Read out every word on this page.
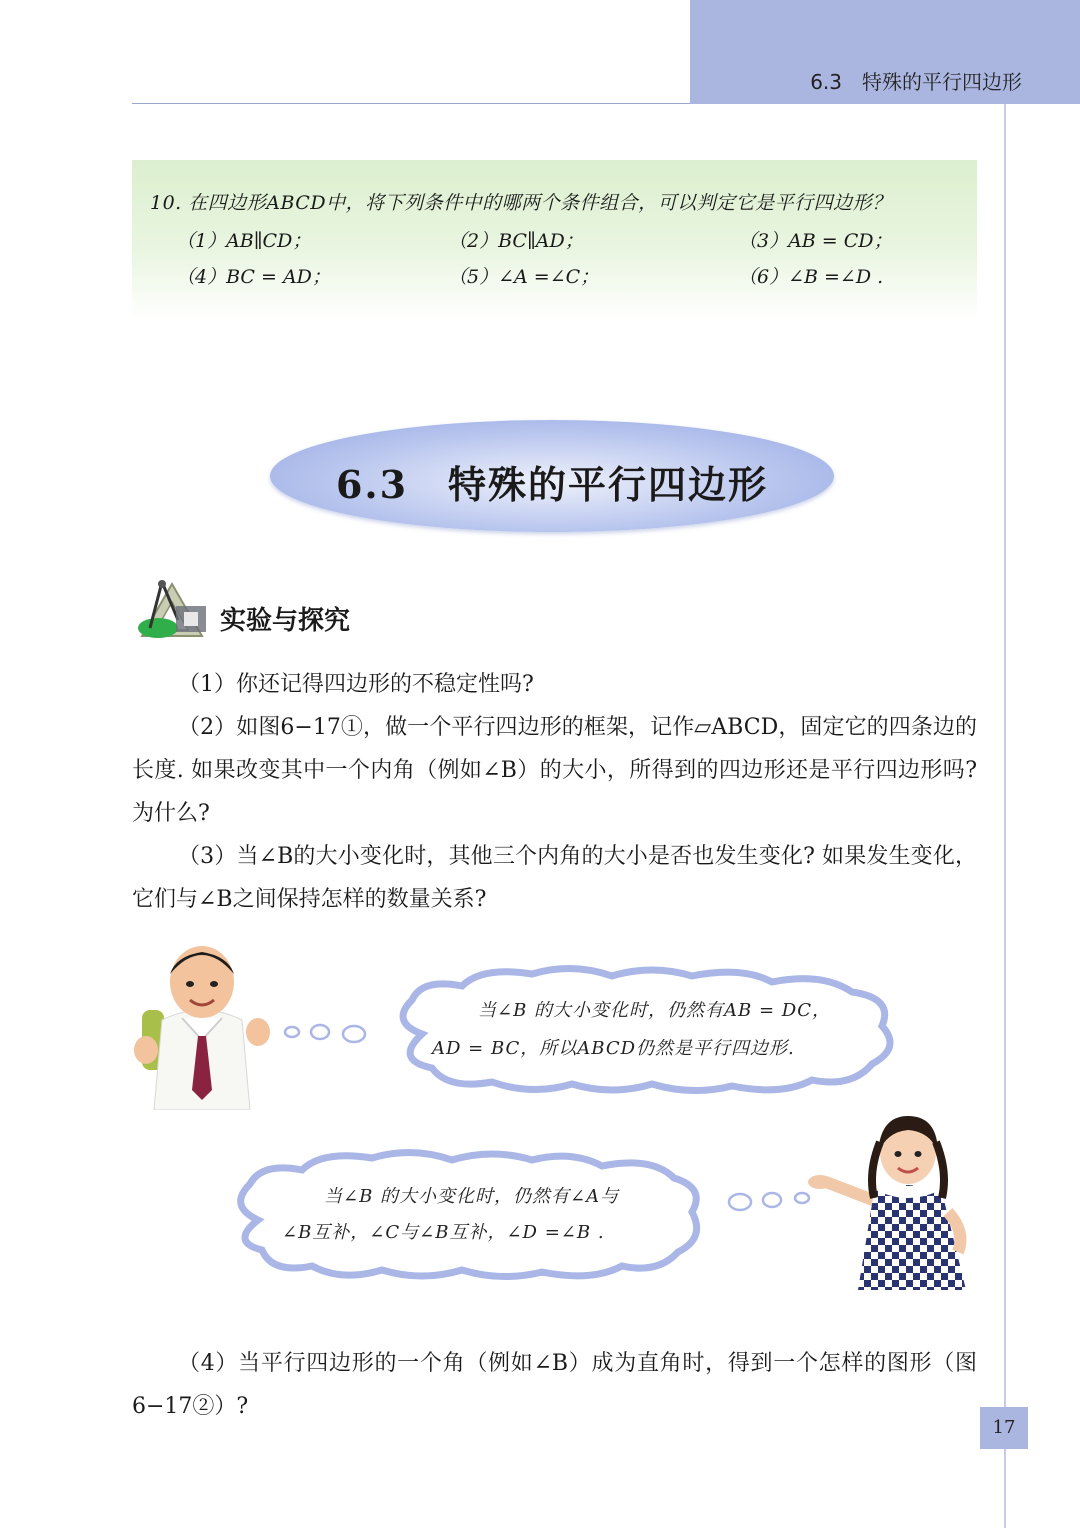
6.3　特殊的平行四边形
10. 在四边形ABCD中，将下列条件中的哪两个条件组合，可以判定它是平行四边形？
（1）AB∥CD；	（2）BC∥AD；	（3）AB = CD；
（4）BC = AD；	（5）∠A =∠C；	（6）∠B =∠D .
6.3　特殊的平行四边形
实验与探究
（1）你还记得四边形的不稳定性吗?
（2）如图6−17①，做一个平行四边形的框架，记作▱ABCD，固定它的四条边的长度. 如果改变其中一个内角（例如∠B）的大小，所得到的四边形还是平行四边形吗? 为什么?
（3）当∠B的大小变化时，其他三个内角的大小是否也发生变化? 如果发生变化，它们与∠B之间保持怎样的数量关系?
当∠B 的大小变化时，仍然有AB = DC，
AD = BC，所以ABCD仍然是平行四边形.
当∠B 的大小变化时，仍然有∠A与
∠B互补，∠C与∠B互补，∠D =∠B .
（4）当平行四边形的一个角（例如∠B）成为直角时，得到一个怎样的图形（图6−17②）?
17
